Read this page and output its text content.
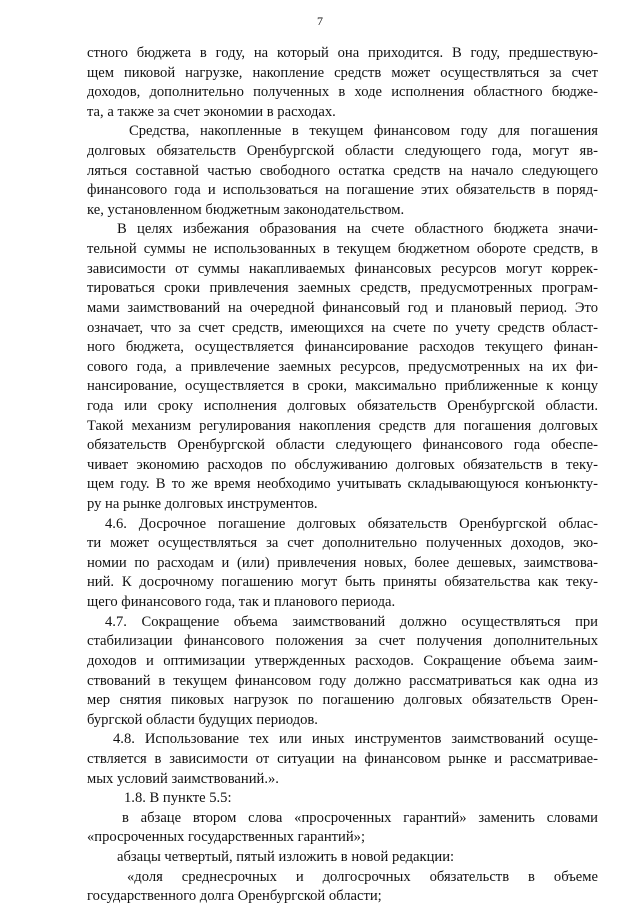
7
стного бюджета в году, на который она приходится. В году, предшествую-
щем пиковой нагрузке, накопление средств может осуществляться за счет
доходов, дополнительно полученных в ходе исполнения областного бюдже-
та, а также за счет экономии в расходах.
Средства, накопленные в текущем финансовом году для погашения
долговых обязательств Оренбургской области следующего года, могут яв-
ляться составной частью свободного остатка средств на начало следующего
финансового года и использоваться на погашение этих обязательств в поряд-
ке, установленном бюджетным законодательством.
В целях избежания образования на счете областного бюджета значи-
тельной суммы не использованных в текущем бюджетном обороте средств, в
зависимости от суммы накапливаемых финансовых ресурсов могут коррек-
тироваться сроки привлечения заемных средств, предусмотренных програм-
мами заимствований на очередной финансовый год и плановый период. Это
означает, что за счет средств, имеющихся на счете по учету средств област-
ного бюджета, осуществляется финансирование расходов текущего финан-
сового года, а привлечение заемных ресурсов, предусмотренных на их фи-
нансирование, осуществляется в сроки, максимально приближенные к концу
года или сроку исполнения долговых обязательств Оренбургской области.
Такой механизм регулирования накопления средств для погашения долговых
обязательств Оренбургской области следующего финансового года обеспе-
чивает экономию расходов по обслуживанию долговых обязательств в теку-
щем году. В то же время необходимо учитывать складывающуюся конъюнкту-
ру на рынке долговых инструментов.
4.6. Досрочное погашение долговых обязательств Оренбургской облас-
ти может осуществляться за счет дополнительно полученных доходов, эко-
номии по расходам и (или) привлечения новых, более дешевых, заимствова-
ний. К досрочному погашению могут быть приняты обязательства как теку-
щего финансового года, так и планового периода.
4.7. Сокращение объема заимствований должно осуществляться при
стабилизации финансового положения за счет получения дополнительных
доходов и оптимизации утвержденных расходов. Сокращение объема заим-
ствований в текущем финансовом году должно рассматриваться как одна из
мер снятия пиковых нагрузок по погашению долговых обязательств Орен-
бургской области будущих периодов.
4.8. Использование тех или иных инструментов заимствований осуще-
ствляется в зависимости от ситуации на финансовом рынке и рассматривае-
мых условий заимствований.».
1.8. В пункте 5.5:
в абзаце втором слова «просроченных гарантий» заменить словами
«просроченных государственных гарантий»;
абзацы четвертый, пятый изложить в новой редакции:
«доля среднесрочных и долгосрочных обязательств в объеме
государственного долга Оренбургской области;
